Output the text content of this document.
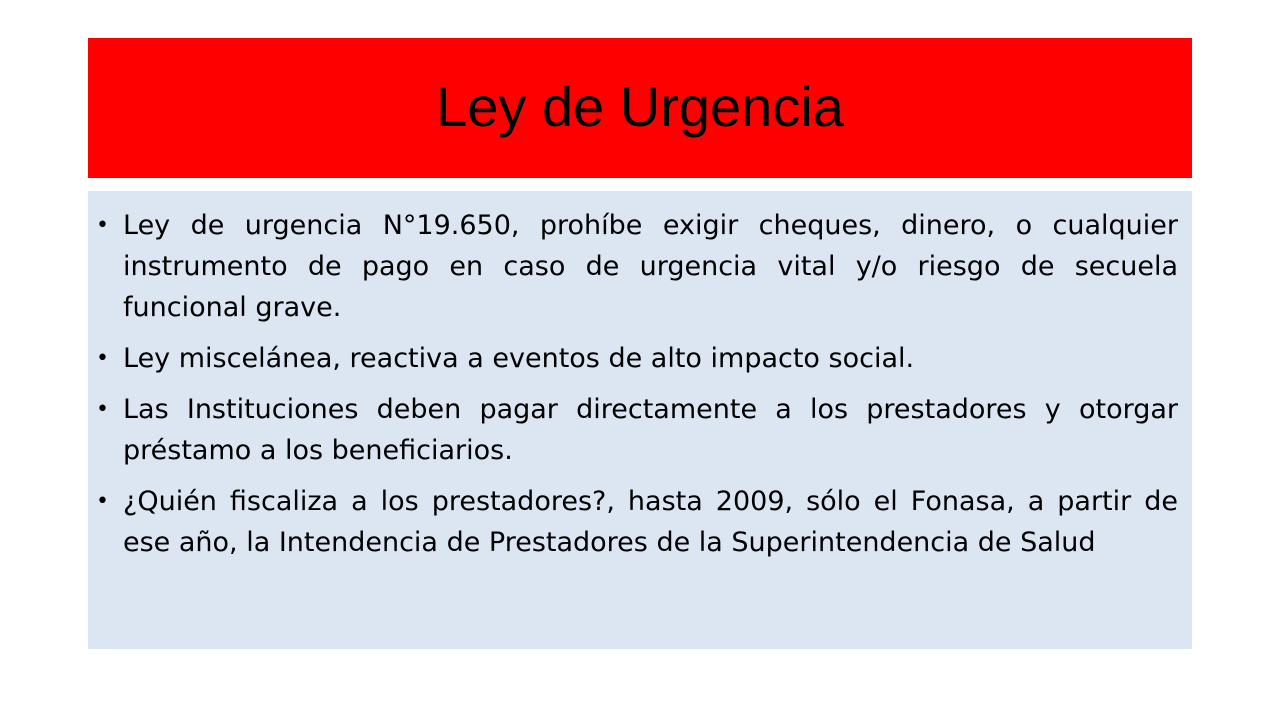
Ley de Urgencia
• Ley de urgencia N°19.650, prohíbe exigir cheques, dinero, o cualquier instrumento de pago en caso de urgencia vital y/o riesgo de secuela funcional grave.
• Ley miscelánea, reactiva a eventos de alto impacto social.
• Las Instituciones deben pagar directamente a los prestadores y otorgar préstamo a los beneficiarios.
• ¿Quién fiscaliza a los prestadores?, hasta 2009, sólo el Fonasa, a partir de ese año, la Intendencia de Prestadores de la Superintendencia de Salud
